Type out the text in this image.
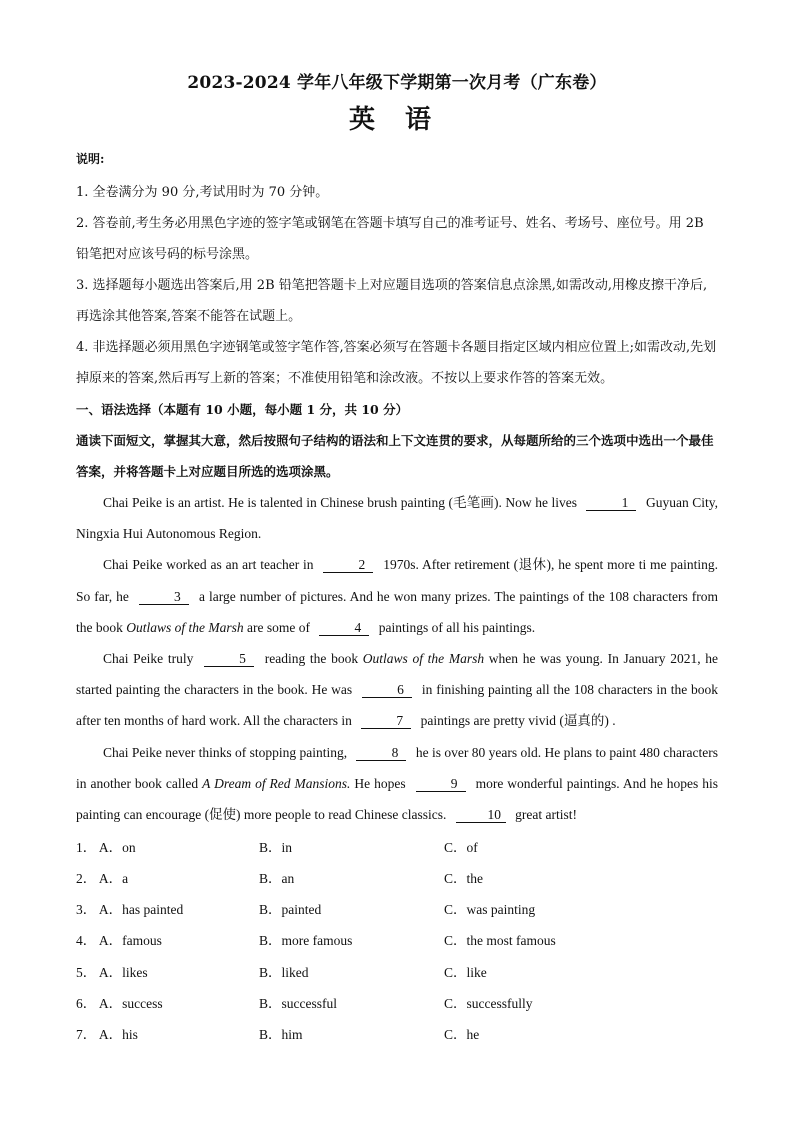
2023-2024 学年八年级下学期第一次月考（广东卷）
英语
说明:

1. 全卷满分为 90 分,考试用时为 70 分钟。

2. 答卷前,考生务必用黑色字迹的签字笔或钢笔在答题卡填写自己的准考证号、姓名、考场号、座位号。用 2B 铅笔把对应该号码的标号涂黑。

3. 选择题每小题选出答案后,用 2B 铅笔把答题卡上对应题目选项的答案信息点涂黑,如需改动,用橡皮擦干净后,再选涂其他答案,答案不能答在试题上。

4. 非选择题必须用黑色字迹钢笔或签字笔作答,答案必须写在答题卡各题目指定区域内相应位置上;如需改动,先划掉原来的答案,然后再写上新的答案；不准使用铅笔和涂改液。不按以上要求作答的答案无效。

一、语法选择（本题有 10 小题，每小题 1 分，共 10 分）

通读下面短文，掌握其大意，然后按照句子结构的语法和上下文连贯的要求，从每题所给的三个选项中选出一个最佳答案，并将答题卡上对应题目所选的选项涂黑。

Chai Peike is an artist. He is talented in Chinese brush painting (毛笔画). Now he lives	1 Guyuan City, Ningxia Hui Autonomous Region.

Chai Peike worked as an art teacher in	2 1970s. After retirement (退休), he spent more ti me painting. So far, he	3 a large number of pictures. And he won many prizes. The paintings of the 108 characters from the book Outlaws of the Marsh are some of	4 paintings of all his paintings.

Chai Peike truly	5 reading the book Outlaws of the Marsh when he was young. In January 2021, he started painting the characters in the book. He was	6 in finishing painting all the 108 characters in the book after ten months of hard work. All the characters in	7 paintings are pretty vivid (逼真的) .

Chai Peike never thinks of stopping painting,	8 he is over 80 years old. He plans to paint 480 characters in another book called A Dream of Red Mansions. He hopes	9 more wonderful paintings. And he hopes his painting can encourage (促使) more people to read Chinese classics.	10 great artist!

1． A．on	B．in	C．of
2． A．a	B．an	C．the
3． A．has painted	B．painted	C．was painting
4． A．famous	B．more famous	C．the most famous
5． A．likes	B．liked	C．like
6． A．success	B．successful	C．successfully
7． A．his	B．him	C．he
